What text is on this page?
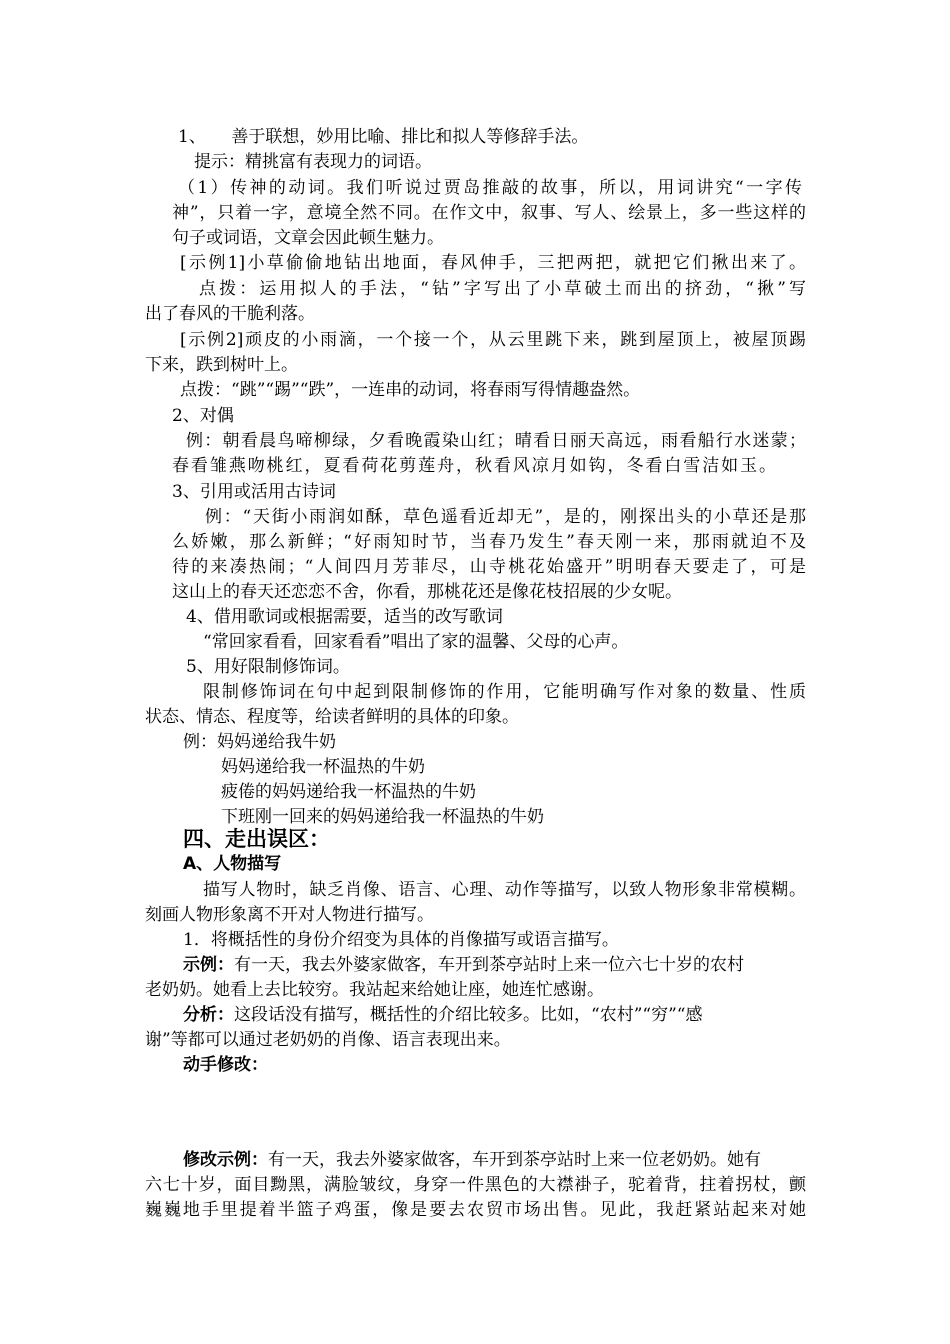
1、　　善于联想，妙用比喻、排比和拟人等修辞手法。
提示：精挑富有表现力的词语。
（1）传神的动词。我们听说过贾岛推敲的故事，所以，用词讲究“一字传
神”，只着一字，意境全然不同。在作文中，叙事、写人、绘景上，多一些这样的
句子或词语，文章会因此顿生魅力。
[示例1]小草偷偷地钻出地面，春风伸手，三把两把，就把它们揪出来了。
点拨：运用拟人的手法，“钻”字写出了小草破土而出的挤劲，“揪”写
出了春风的干脆利落。
[示例2]顽皮的小雨滴，一个接一个，从云里跳下来，跳到屋顶上，被屋顶踢
下来，跌到树叶上。
点拨：“跳”“踢”“跌”，一连串的动词，将春雨写得情趣盎然。
2、对偶
例：朝看晨鸟啼柳绿，夕看晚霞染山红；晴看日丽天高远，雨看船行水迷蒙；
春看雏燕吻桃红，夏看荷花剪莲舟，秋看风凉月如钩，冬看白雪洁如玉。
3、引用或活用古诗词
例：“天街小雨润如酥，草色遥看近却无”，是的，刚探出头的小草还是那
么娇嫩，那么新鲜；“好雨知时节，当春乃发生”春天刚一来，那雨就迫不及
待的来凑热闹；“人间四月芳菲尽，山寺桃花始盛开”明明春天要走了，可是
这山上的春天还恋恋不舍，你看，那桃花还是像花枝招展的少女呢。
4、借用歌词或根据需要，适当的改写歌词
“常回家看看，回家看看”唱出了家的温馨、父母的心声。
5、用好限制修饰词。
限制修饰词在句中起到限制修饰的作用，它能明确写作对象的数量、性质
状态、情态、程度等，给读者鲜明的具体的印象。
例：妈妈递给我牛奶
妈妈递给我一杯温热的牛奶
疲倦的妈妈递给我一杯温热的牛奶
下班刚一回来的妈妈递给我一杯温热的牛奶
四、走出误区：
A、人物描写
描写人物时，缺乏肖像、语言、心理、动作等描写，以致人物形象非常模糊。
刻画人物形象离不开对人物进行描写。
1．将概括性的身份介绍变为具体的肖像描写或语言描写。
示例：有一天，我去外婆家做客，车开到茶亭站时上来一位六七十岁的农村
老奶奶。她看上去比较穷。我站起来给她让座，她连忙感谢。
分析：这段话没有描写，概括性的介绍比较多。比如，“农村”“穷”“感
谢”等都可以通过老奶奶的肖像、语言表现出来。
动手修改：
修改示例：有一天，我去外婆家做客，车开到茶亭站时上来一位老奶奶。她有
六七十岁，面目黝黑，满脸皱纹，身穿一件黑色的大襟褂子，驼着背，拄着拐杖，颤
巍巍地手里提着半篮子鸡蛋，像是要去农贸市场出售。见此，我赶紧站起来对她
